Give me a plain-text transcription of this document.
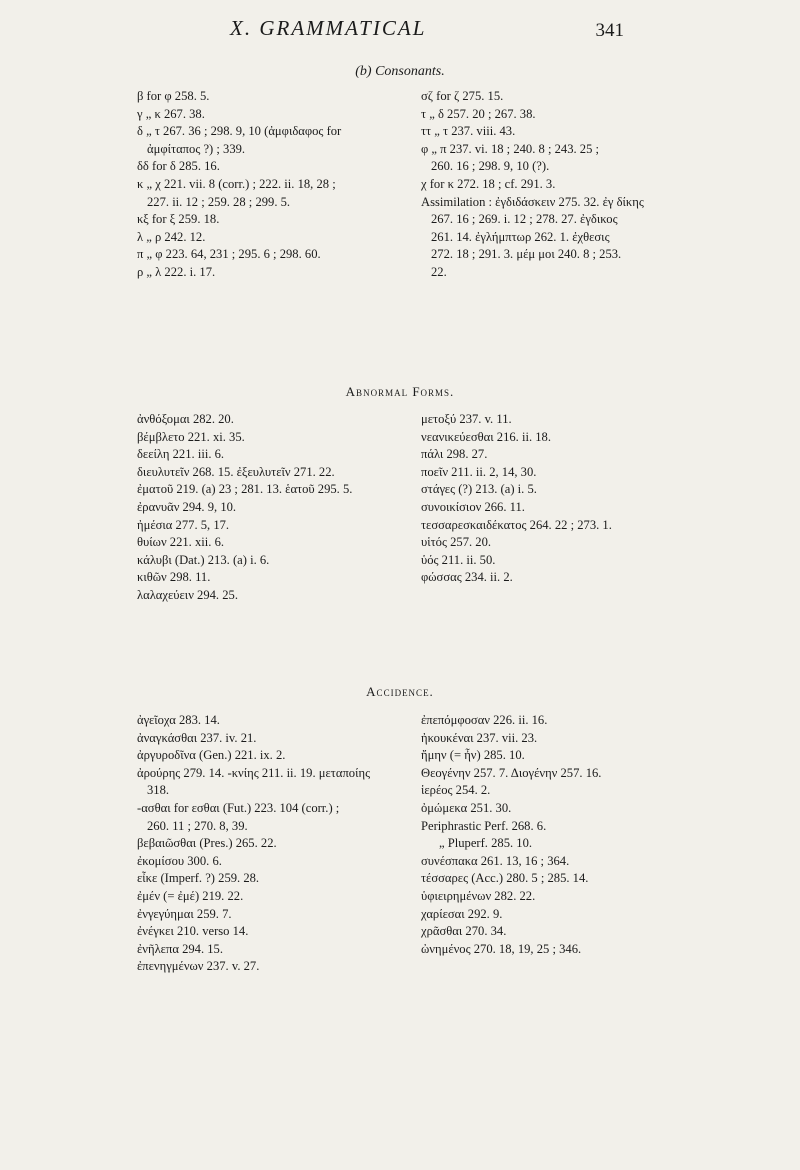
X. GRAMMATICAL	341
(b) Consonants.
β for φ 258. 5.
γ „ κ 267. 38.
δ „ τ 267. 36 ; 298. 9, 10 (ἀμφιδαφος for
ἀμφίταπος ?) ; 339.
δδ for δ 285. 16.
κ „ χ 221. vii. 8 (corr.) ; 222. ii. 18, 28 ;
227. ii. 12 ; 259. 28 ; 299. 5.
κξ for ξ 259. 18.
λ „ ρ 242. 12.
π „ φ 223. 64, 231 ; 295. 6 ; 298. 60.
ρ „ λ 222. i. 17.
σζ for ζ 275. 15.
τ „ δ 257. 20 ; 267. 38.
ττ „ τ 237. viii. 43.
φ „ π 237. vi. 18 ; 240. 8 ; 243. 25 ;
260. 16 ; 298. 9, 10 (?).
χ for κ 272. 18 ; cf. 291. 3.
Assimilation : ἐγδιδάσκειν 275. 32. ἐγ δίκης
267. 16 ; 269. i. 12 ; 278. 27. ἐγδικος
261. 14. ἐγλήμπτωρ 262. 1. ἐχθεσις
272. 18 ; 291. 3. μέμ μοι 240. 8 ; 253.
22.
Abnormal Forms.
ἀνθόξομαι 282. 20.
βέμβλετο 221. xi. 35.
δεείλη 221. iii. 6.
διευλυτεῖν 268. 15. ἐξευλυτεῖν 271. 22.
ἐματοῦ 219. (a) 23 ; 281. 13. ἑατοῦ 295. 5.
ἐρανυᾶν 294. 9, 10.
ἠμέσια 277. 5, 17.
θυίων 221. xii. 6.
κάλυβι (Dat.) 213. (a) i. 6.
κιθῶν 298. 11.
λαλαχεύειν 294. 25.
μετοξύ 237. v. 11.
νεανικεύεσθαι 216. ii. 18.
πάλι 298. 27.
ποεῖν 211. ii. 2, 14, 30.
στάγες (?) 213. (a) i. 5.
συνοικίσιον 266. 11.
τεσσαρεσκαιδέκατος 264. 22 ; 273. 1.
υἱτός 257. 20.
ὑός 211. ii. 50.
φώσσας 234. ii. 2.
Accidence.
ἀγεῖοχα 283. 14.
ἀναγκάσθαι 237. iv. 21.
ἀργυροδῖνα (Gen.) 221. ix. 2.
ἀρούρης 279. 14. -κνίης 211. ii. 19. μεταποίης
318.
-ασθαι for εσθαι (Fut.) 223. 104 (corr.) ;
260. 11 ; 270. 8, 39.
βεβαιῶσθαι (Pres.) 265. 22.
ἐκομίσου 300. 6.
εἶκε (Imperf. ?) 259. 28.
ἐμέν (= ἐμέ) 219. 22.
ἐνγεγύημαι 259. 7.
ἐνέγκει 210. verso 14.
ἐνῆλεπα 294. 15.
ἐπενηγμένων 237. v. 27.
ἐπεπόμφοσαν 226. ii. 16.
ἠκουκέναι 237. vii. 23.
ἤμην (= ἦν) 285. 10.
Θεογένην 257. 7. Διογένην 257. 16.
ἱερέος 254. 2.
ὀμώμεκα 251. 30.
Periphrastic Perf. 268. 6.
„ Pluperf. 285. 10.
συνέσπακα 261. 13, 16 ; 364.
τέσσαρες (Acc.) 280. 5 ; 285. 14.
ὑφιειρημένων 282. 22.
χαρίεσαι 292. 9.
χρᾶσθαι 270. 34.
ὠνημένος 270. 18, 19, 25 ; 346.
